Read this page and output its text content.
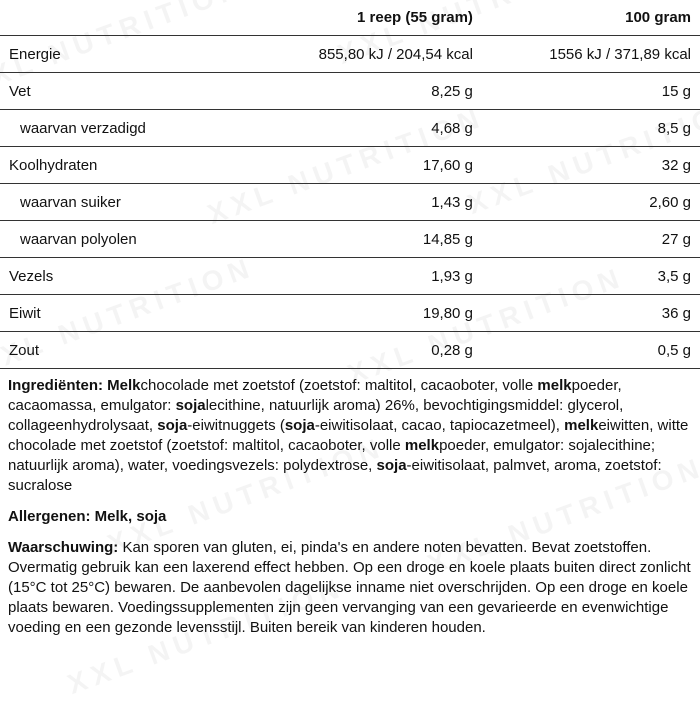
	1 reep (55 gram)	100 gram
Energie	855,80 kJ / 204,54 kcal	1556 kJ / 371,89 kcal
Vet	8,25 g	15 g
waarvan verzadigd	4,68 g	8,5 g
Koolhydraten	17,60 g	32 g
waarvan suiker	1,43 g	2,60 g
waarvan polyolen	14,85 g	27 g
Vezels	1,93 g	3,5 g
Eiwit	19,80 g	36 g
Zout	0,28 g	0,5 g
Ingrediënten: Melkchocolade met zoetstof (zoetstof: maltitol, cacaoboter, volle melkpoeder, cacaomassa, emulgator: sojalecithine, natuurlijk aroma) 26%, bevochtigingsmiddel: glycerol, collageenhydrolysaat, soja-eiwitnuggets (soja-eiwitisolaat, cacao, tapiocazetmeel), melkeiwitten, witte chocolade met zoetstof (zoetstof: maltitol, cacaoboter, volle melkpoeder, emulgator: sojalecithine; natuurlijk aroma), water, voedingsvezels: polydextrose, soja-eiwitisolaat, palmvet, aroma, zoetstof: sucralose
Allergenen: Melk, soja
Waarschuwing: Kan sporen van gluten, ei, pinda's en andere noten bevatten. Bevat zoetstoffen. Overmatig gebruik kan een laxerend effect hebben. Op een droge en koele plaats buiten direct zonlicht (15°C tot 25°C) bewaren. De aanbevolen dagelijkse inname niet overschrijden. Op een droge en koele plaats bewaren. Voedingssupplementen zijn geen vervanging van een gevarieerde en evenwichtige voeding en een gezonde levensstijl. Buiten bereik van kinderen houden.
